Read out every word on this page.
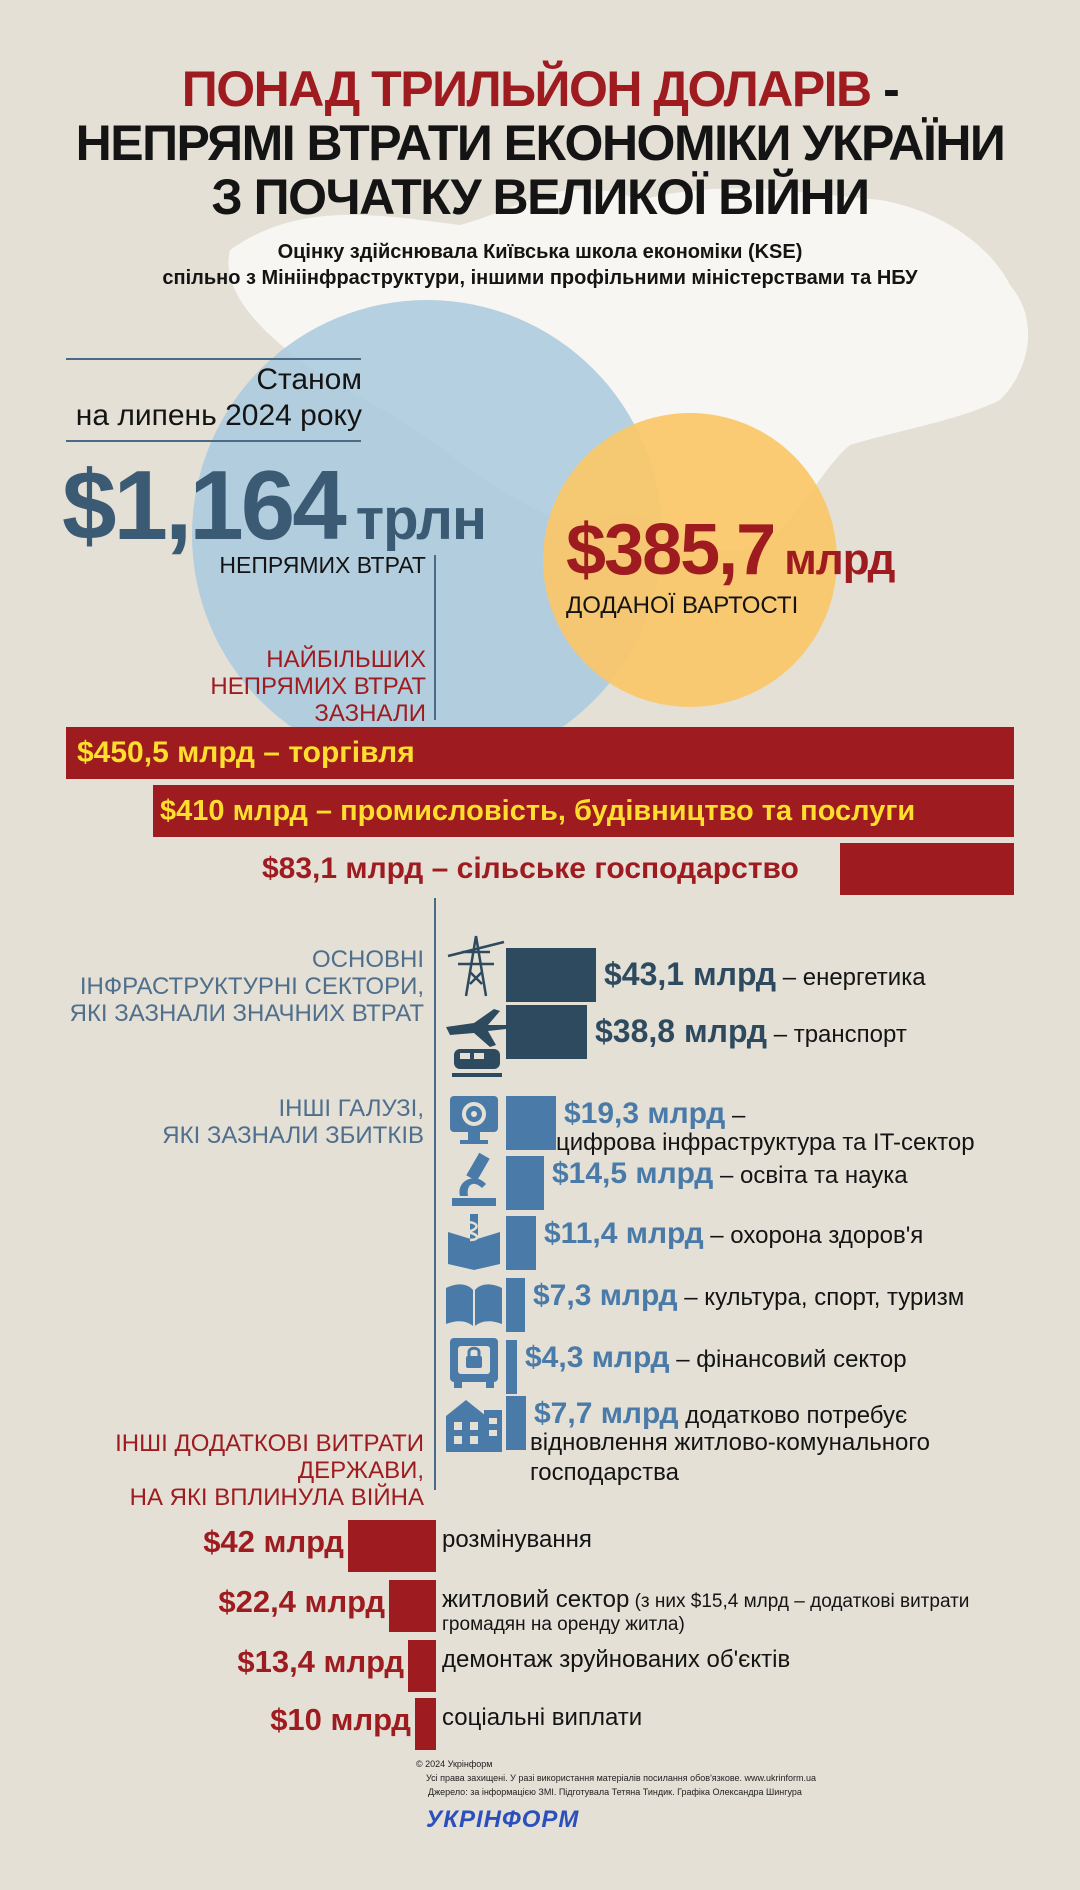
ПОНАД ТРИЛЬЙОН ДОЛАРІВ -
НЕПРЯМІ ВТРАТИ ЕКОНОМІКИ УКРАЇНИ
З ПОЧАТКУ ВЕЛИКОЇ ВІЙНИ
Оцінку здійснювала Київська школа економіки (KSE)
спільно з Мініінфраструктури, іншими профільними міністерствами та НБУ
Станом
на липень 2024 року
$1,164 трлн
НЕПРЯМИХ ВТРАТ $385,7 млрд
ДОДАНОЇ ВАРТОСТІ
НАЙБІЛЬШИХ
НЕПРЯМИХ ВТРАТ
ЗАЗНАЛИ
$450,5 млрд – торгівля
$410 млрд – промисловість, будівництво та послуги
$83,1 млрд – сільське господарство
ОСНОВНІ
ІНФРАСТРУКТУРНІ СЕКТОРИ,
ЯКІ ЗАЗНАЛИ ЗНАЧНИХ ВТРАТ
ІНШІ ГАЛУЗІ,
ЯКІ ЗАЗНАЛИ ЗБИТКІВ
ІНШІ ДОДАТКОВІ ВИТРАТИ
ДЕРЖАВИ,
НА ЯКІ ВПЛИНУЛА ВІЙНА
$43,1 млрд – енергетика
$38,8 млрд – транспорт
$19,3 млрд –
цифрова інфраструктура та IT-сектор
$14,5 млрд – освіта та наука
$11,4 млрд – охорона здоров'я
$7,3 млрд – культура, спорт, туризм
$4,3 млрд – фінансовий сектор
$7,7 млрд додатково потребує
відновлення житлово-комунального
господарства
$42 млрд	розмінування
$22,4 млрд житловий сектор (з них $15,4 млрд – додаткові витрати
громадян на оренду житла)
$13,4 млрд демонтаж зруйнованих об'єктів
$10 млрд соціальні виплати
© 2024 Укрінформ
Усі права захищені. У разі використання матеріалів посилання обов'язкове. www.ukrinform.ua
Джерело: за інформацією ЗМІ. Підготувала Тетяна Тиндик. Графіка Олександра Шингура
УКРІНФОРМ
